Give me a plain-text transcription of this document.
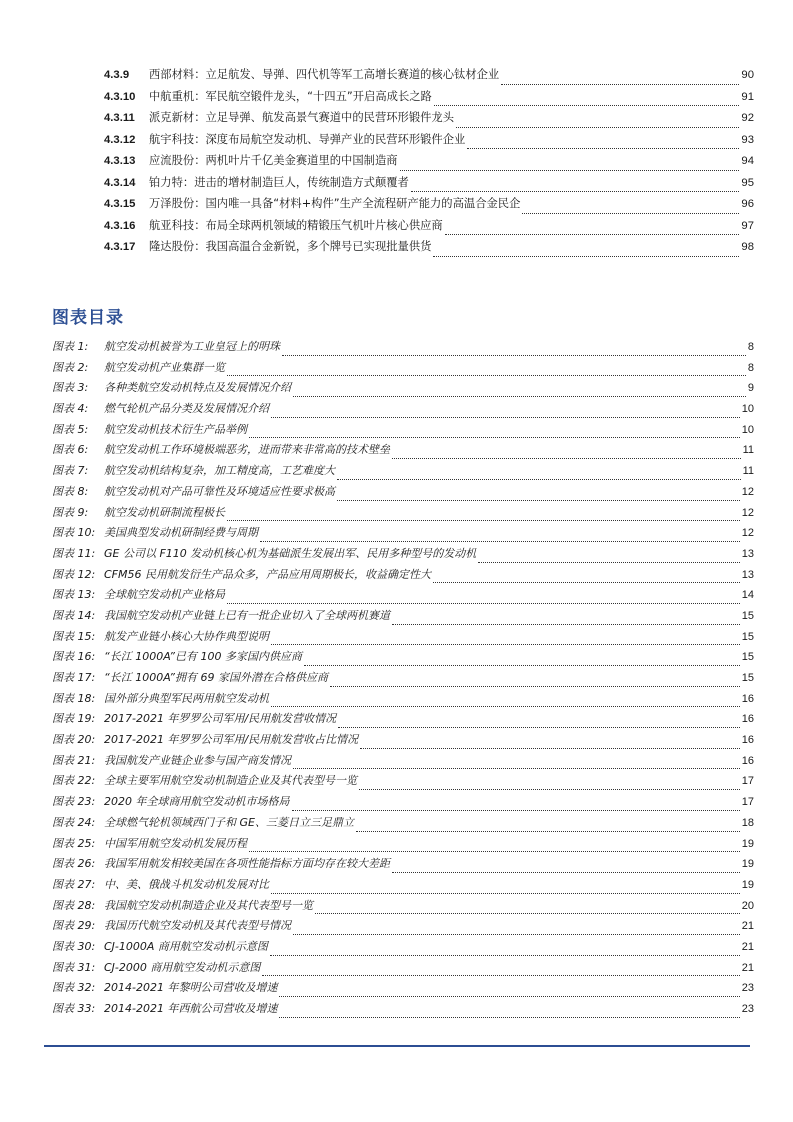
4.3.9	西部材料：立足航发、导弹、四代机等军工高增长赛道的核心钛材企业	90
4.3.10	中航重机：军民航空锻件龙头，“十四五”开启高成长之路	91
4.3.11	派克新材：立足导弹、航发高景气赛道中的民营环形锻件龙头	92
4.3.12	航宇科技：深度布局航空发动机、导弹产业的民营环形锻件企业	93
4.3.13	应流股份：两机叶片千亿美金赛道里的中国制造商	94
4.3.14	铂力特：进击的增材制造巨人，传统制造方式颠覆者	95
4.3.15	万泽股份：国内唯一具备“材料+构件”生产全流程研产能力的高温合金民企	96
4.3.16	航亚科技：布局全球两机领域的精锻压气机叶片核心供应商	97
4.3.17	隆达股份：我国高温合金新锐，多个牌号已实现批量供货	98
图表目录
图表 1:	航空发动机被誉为工业皇冠上的明珠	8
图表 2:	航空发动机产业集群一览	8
图表 3:	各种类航空发动机特点及发展情况介绍	9
图表 4:	燃气轮机产品分类及发展情况介绍	10
图表 5:	航空发动机技术衍生产品举例	10
图表 6:	航空发动机工作环境极端恶劣，进而带来非常高的技术壁垒	11
图表 7:	航空发动机结构复杂，加工精度高，工艺难度大	11
图表 8:	航空发动机对产品可靠性及环境适应性要求极高	12
图表 9:	航空发动机研制流程极长	12
图表 10: 美国典型发动机研制经费与周期	12
图表 11: GE 公司以 F110 发动机核心机为基础派生发展出军、民用多种型号的发动机	13
图表 12: CFM56 民用航发衍生产品众多，产品应用周期极长，收益确定性大	13
图表 13: 全球航空发动机产业格局	14
图表 14: 我国航空发动机产业链上已有一批企业切入了全球两机赛道	15
图表 15: 航发产业链小核心大协作典型说明	15
图表 16: “长江 1000A”已有 100 多家国内供应商	15
图表 17: “长江 1000A”拥有 69 家国外潜在合格供应商	15
图表 18: 国外部分典型军民两用航空发动机	16
图表 19: 2017-2021 年罗罗公司军用/民用航发营收情况	16
图表 20: 2017-2021 年罗罗公司军用/民用航发营收占比情况	16
图表 21: 我国航发产业链企业参与国产商发情况	16
图表 22: 全球主要军用航空发动机制造企业及其代表型号一览	17
图表 23: 2020 年全球商用航空发动机市场格局	17
图表 24: 全球燃气轮机领域西门子和 GE、三菱日立三足鼎立	18
图表 25: 中国军用航空发动机发展历程	19
图表 26: 我国军用航发相较美国在各项性能指标方面均存在较大差距	19
图表 27: 中、美、俄战斗机发动机发展对比	19
图表 28: 我国航空发动机制造企业及其代表型号一览	20
图表 29: 我国历代航空发动机及其代表型号情况	21
图表 30: CJ-1000A 商用航空发动机示意图	21
图表 31: CJ-2000 商用航空发动机示意图	21
图表 32: 2014-2021 年黎明公司营收及增速	23
图表 33: 2014-2021 年西航公司营收及增速	23
